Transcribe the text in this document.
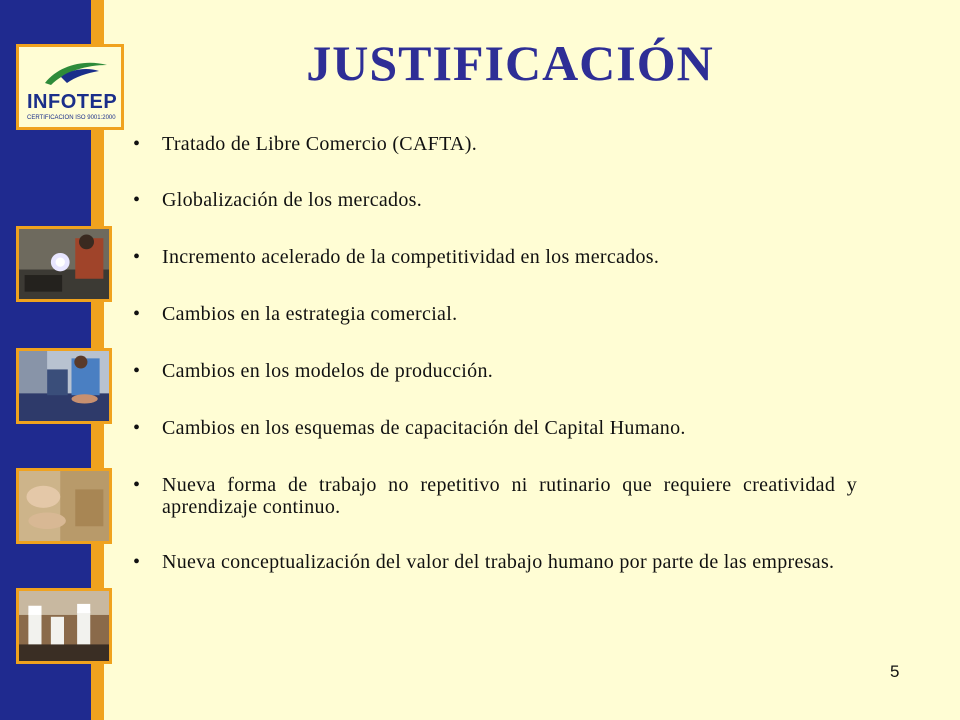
INFOTEP
CERTIFICACION ISO 9001:2000
JUSTIFICACIÓN
• Tratado de Libre Comercio (CAFTA).
• Globalización de los mercados.
• Incremento acelerado de la competitividad en los mercados.
• Cambios en la estrategia comercial.
• Cambios en los modelos de producción.
• Cambios en los esquemas de capacitación del Capital Humano.
• Nueva forma de trabajo no repetitivo ni rutinario que requiere creatividad y aprendizaje continuo.
• Nueva conceptualización del valor del trabajo humano por parte de las empresas.
5
